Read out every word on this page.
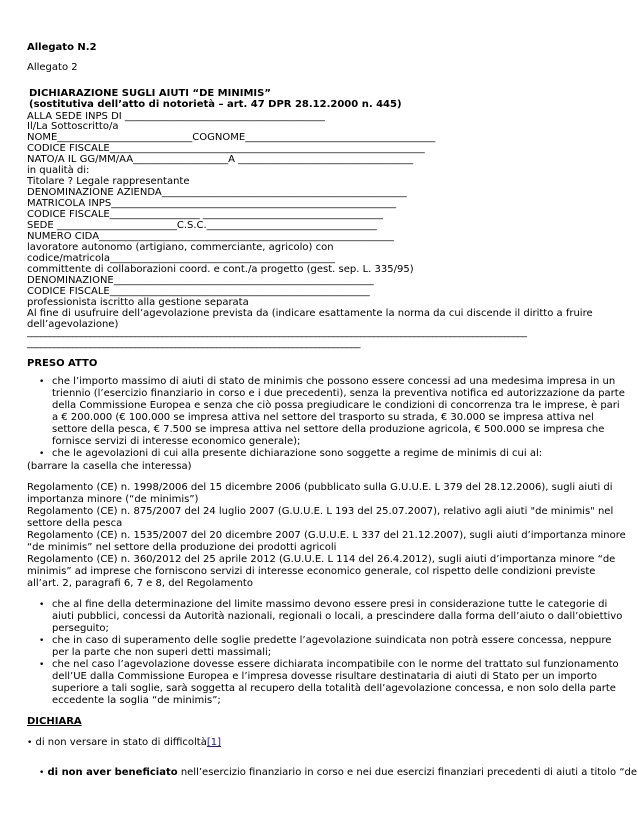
Allegato N.2
Allegato 2
DICHIARAZIONE SUGLI AIUTI “DE MINIMIS”
(sostitutiva dell’atto di notorietà – art. 47 DPR 28.12.2000 n. 445)
ALLA SEDE INPS DI ________________________________________
Il/La Sottoscritto/a
NOME___________________________COGNOME______________________________________
CODICE FISCALE_______________________________________________________________
NATO/A IL GG/MM/AA___________________A ___________________________________
in qualità di:
Titolare ? Legale rappresentante
DENOMINAZIONE AZIENDA_________________________________________________
MATRICOLA INPS_________________________________________________________
CODICE FISCALE__________________ ____________________________________
SEDE ________________________C.S.C.__________________________________
NUMERO CIDA___________________________________________________________
lavoratore autonomo (artigiano, commerciante, agricolo) con
codice/matricola_____________________________________________
committente di collaborazioni coord. e cont./a progetto (gest. sep. L. 335/95)
DENOMINAZIONE____________________________________________________
CODICE FISCALE____________________________________________________
professionista iscritto alla gestione separata
Al fine di usufruire dell’agevolazione prevista da (indicare esattamente la norma da cui discende il diritto a fruire
dell’agevolazione)
_______________________________________________________________________________________________________________
__________________________________________________________________________
PRESO ATTO
• che l’importo massimo di aiuti di stato de minimis che possono essere concessi ad una medesima impresa in un triennio (l’esercizio finanziario in corso e i due precedenti), senza la preventiva notifica ed autorizzazione da parte della Commissione Europea e senza che ciò possa pregiudicare le condizioni di concorrenza tra le imprese, è pari a € 200.000 (€ 100.000 se impresa attiva nel settore del trasporto su strada, € 30.000 se impresa attiva nel settore della pesca, € 7.500 se impresa attiva nel settore della produzione agricola, € 500.000 se impresa che fornisce servizi di interesse economico generale);
• che le agevolazioni di cui alla presente dichiarazione sono soggette a regime de minimis di cui al:
(barrare la casella che interessa)
Regolamento (CE) n. 1998/2006 del 15 dicembre 2006 (pubblicato sulla G.U.U.E. L 379 del 28.12.2006), sugli aiuti di importanza minore (“de minimis”)
Regolamento (CE) n. 875/2007 del 24 luglio 2007 (G.U.U.E. L 193 del 25.07.2007), relativo agli aiuti "de minimis" nel settore della pesca
Regolamento (CE) n. 1535/2007 del 20 dicembre 2007 (G.U.U.E. L 337 del 21.12.2007), sugli aiuti d’importanza minore “de minimis” nel settore della produzione dei prodotti agricoli
Regolamento (CE) n. 360/2012 del 25 aprile 2012 (G.U.U.E. L 114 del 26.4.2012), sugli aiuti d’importanza minore “de minimis” ad imprese che forniscono servizi di interesse economico generale, col rispetto delle condizioni previste all’art. 2, paragrafi 6, 7 e 8, del Regolamento
• che al fine della determinazione del limite massimo devono essere presi in considerazione tutte le categorie di aiuti pubblici, concessi da Autorità nazionali, regionali o locali, a prescindere dalla forma dell’aiuto o dall’obiettivo perseguito;
• che in caso di superamento delle soglie predette l’agevolazione suindicata non potrà essere concessa, neppure per la parte che non superi detti massimali;
• che nel caso l’agevolazione dovesse essere dichiarata incompatibile con le norme del trattato sul funzionamento dell’UE dalla Commissione Europea e l’impresa dovesse risultare destinataria di aiuti di Stato per un importo superiore a tali soglie, sarà soggetta al recupero della totalità dell’agevolazione concessa, e non solo della parte eccedente la soglia “de minimis”;
DICHIARA
• di non versare in stato di difficoltà[1]
• di non aver beneficiato nell’esercizio finanziario in corso e nei due esercizi finanziari precedenti di aiuti a titolo “de
